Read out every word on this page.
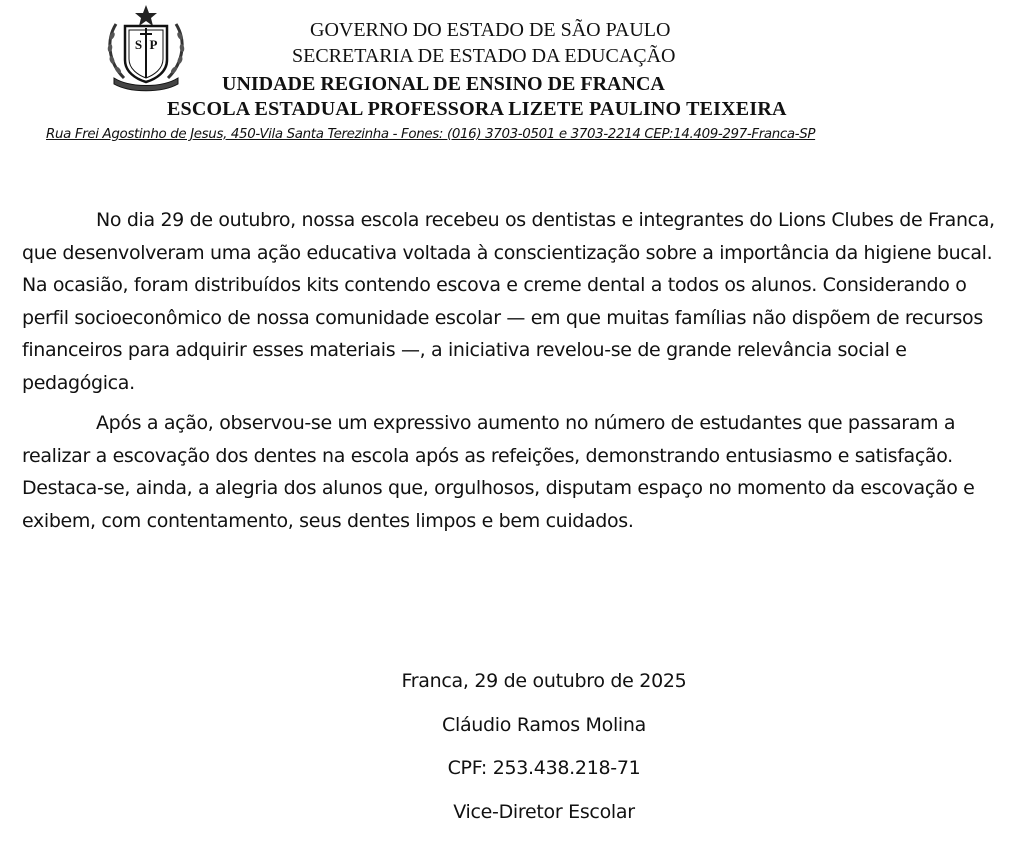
S P
GOVERNO DO ESTADO DE SÃO PAULO
SECRETARIA DE ESTADO DA EDUCAÇÃO
UNIDADE REGIONAL DE ENSINO DE FRANCA
ESCOLA ESTADUAL PROFESSORA LIZETE PAULINO TEIXEIRA
Rua Frei Agostinho de Jesus, 450-Vila Santa Terezinha - Fones: (016) 3703-0501 e 3703-2214 CEP:14.409-297-Franca-SP

No dia 29 de outubro, nossa escola recebeu os dentistas e integrantes do Lions Clubes de Franca, que desenvolveram uma ação educativa voltada à conscientização sobre a importância da higiene bucal. Na ocasião, foram distribuídos kits contendo escova e creme dental a todos os alunos. Considerando o perfil socioeconômico de nossa comunidade escolar — em que muitas famílias não dispõem de recursos financeiros para adquirir esses materiais —, a iniciativa revelou-se de grande relevância social e pedagógica.

Após a ação, observou-se um expressivo aumento no número de estudantes que passaram a realizar a escovação dos dentes na escola após as refeições, demonstrando entusiasmo e satisfação. Destaca-se, ainda, a alegria dos alunos que, orgulhosos, disputam espaço no momento da escovação e exibem, com contentamento, seus dentes limpos e bem cuidados.

Franca, 29 de outubro de 2025
Cláudio Ramos Molina
CPF: 253.438.218-71
Vice-Diretor Escolar
